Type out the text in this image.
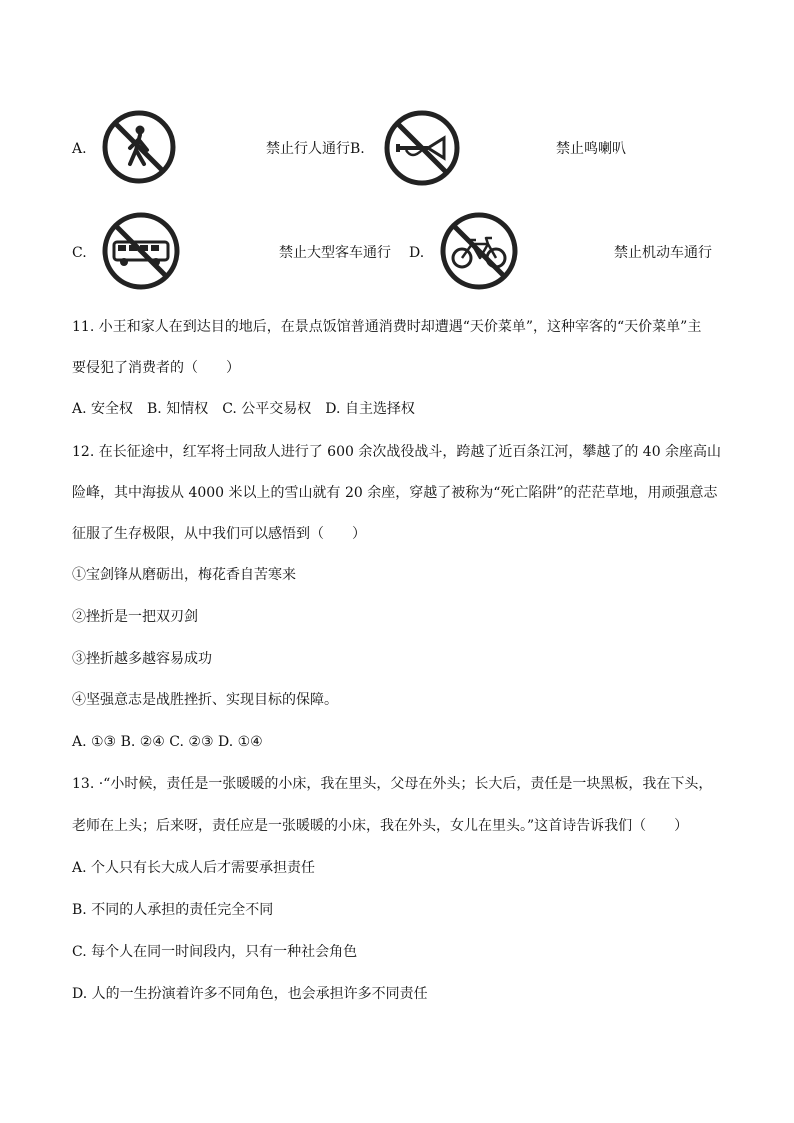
A.	禁止行人通行B.	禁止鸣喇叭
C.	禁止大型客车通行 D.	禁止机动车通行
11. 小王和家人在到达目的地后，在景点饭馆普通消费时却遭遇“天价菜单”，这种宰客的“天价菜单”主
要侵犯了消费者的（　　）
A. 安全权　B. 知情权　C. 公平交易权　D. 自主选择权
12. 在长征途中，红军将士同敌人进行了 600 余次战役战斗，跨越了近百条江河，攀越了的 40 余座高山
险峰，其中海拔从 4000 米以上的雪山就有 20 余座，穿越了被称为“死亡陷阱”的茫茫草地，用顽强意志
征服了生存极限，从中我们可以感悟到（　　）
①宝剑锋从磨砺出，梅花香自苦寒来
②挫折是一把双刃剑
③挫折越多越容易成功
④坚强意志是战胜挫折、实现目标的保障。
A. ①③ B. ②④ C. ②③ D. ①④
13. ·“小时候，责任是一张暖暖的小床，我在里头，父母在外头；长大后，责任是一块黑板，我在下头，
老师在上头；后来呀，责任应是一张暖暖的小床，我在外头，女儿在里头。”这首诗告诉我们（　　）
A. 个人只有长大成人后才需要承担责任
B. 不同的人承担的责任完全不同
C. 每个人在同一时间段内，只有一种社会角色
D. 人的一生扮演着许多不同角色，也会承担许多不同责任
